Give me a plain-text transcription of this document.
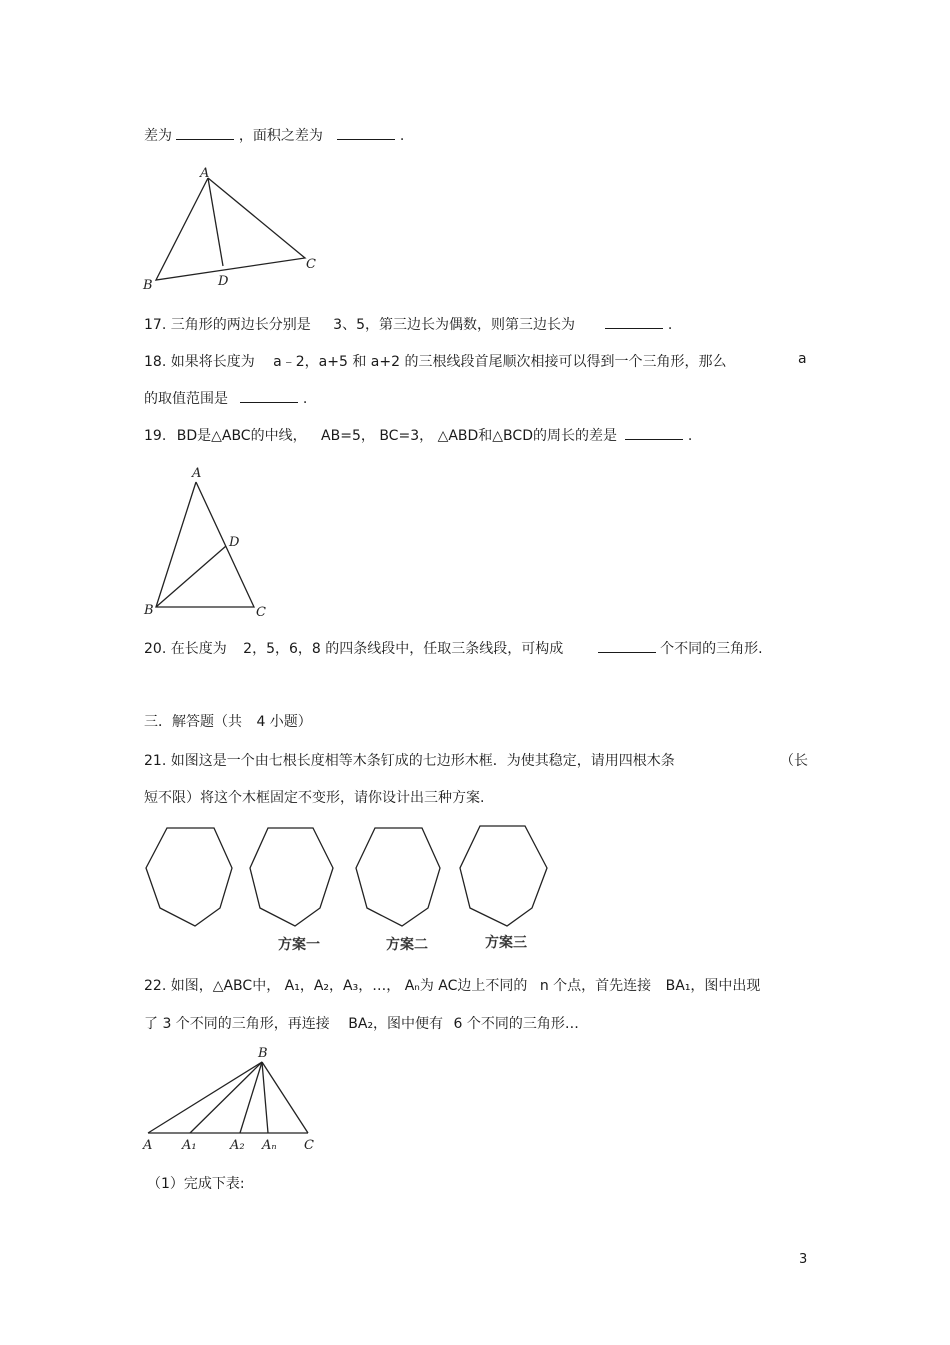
差为	，面积之差为	.
A
B
C
D
17. 三角形的两边长分别是 3、5，第三边长为偶数，则第三边长为	.
18. 如果将长度为 a﹣2，a+5 和 a+2 的三根线段首尾顺次相接可以得到一个三角形，那么	a
的取值范围是	.
19. BD是△ABC的中线， AB=5， BC=3， △ABD和△BCD的周长的差是	.
A
B	C
D
20. 在长度为 2，5，6，8 的四条线段中，任取三条线段，可构成	个不同的三角形.
三．解答题（共 4 小题）
21. 如图这是一个由七根长度相等木条钉成的七边形木框．为使其稳定，请用四根木条	（长
短不限）将这个木框固定不变形，请你设计出三种方案.
方案一	方案二	方案三
22. 如图，△ABC中， A₁，A₂，A₃，…， Aₙ为 AC边上不同的 n 个点，首先连接 BA₁，图中出现
了 3 个不同的三角形，再连接 BA₂，图中便有 6 个不同的三角形…
B
A A₁	A₂ Aₙ C
（1）完成下表:
3
